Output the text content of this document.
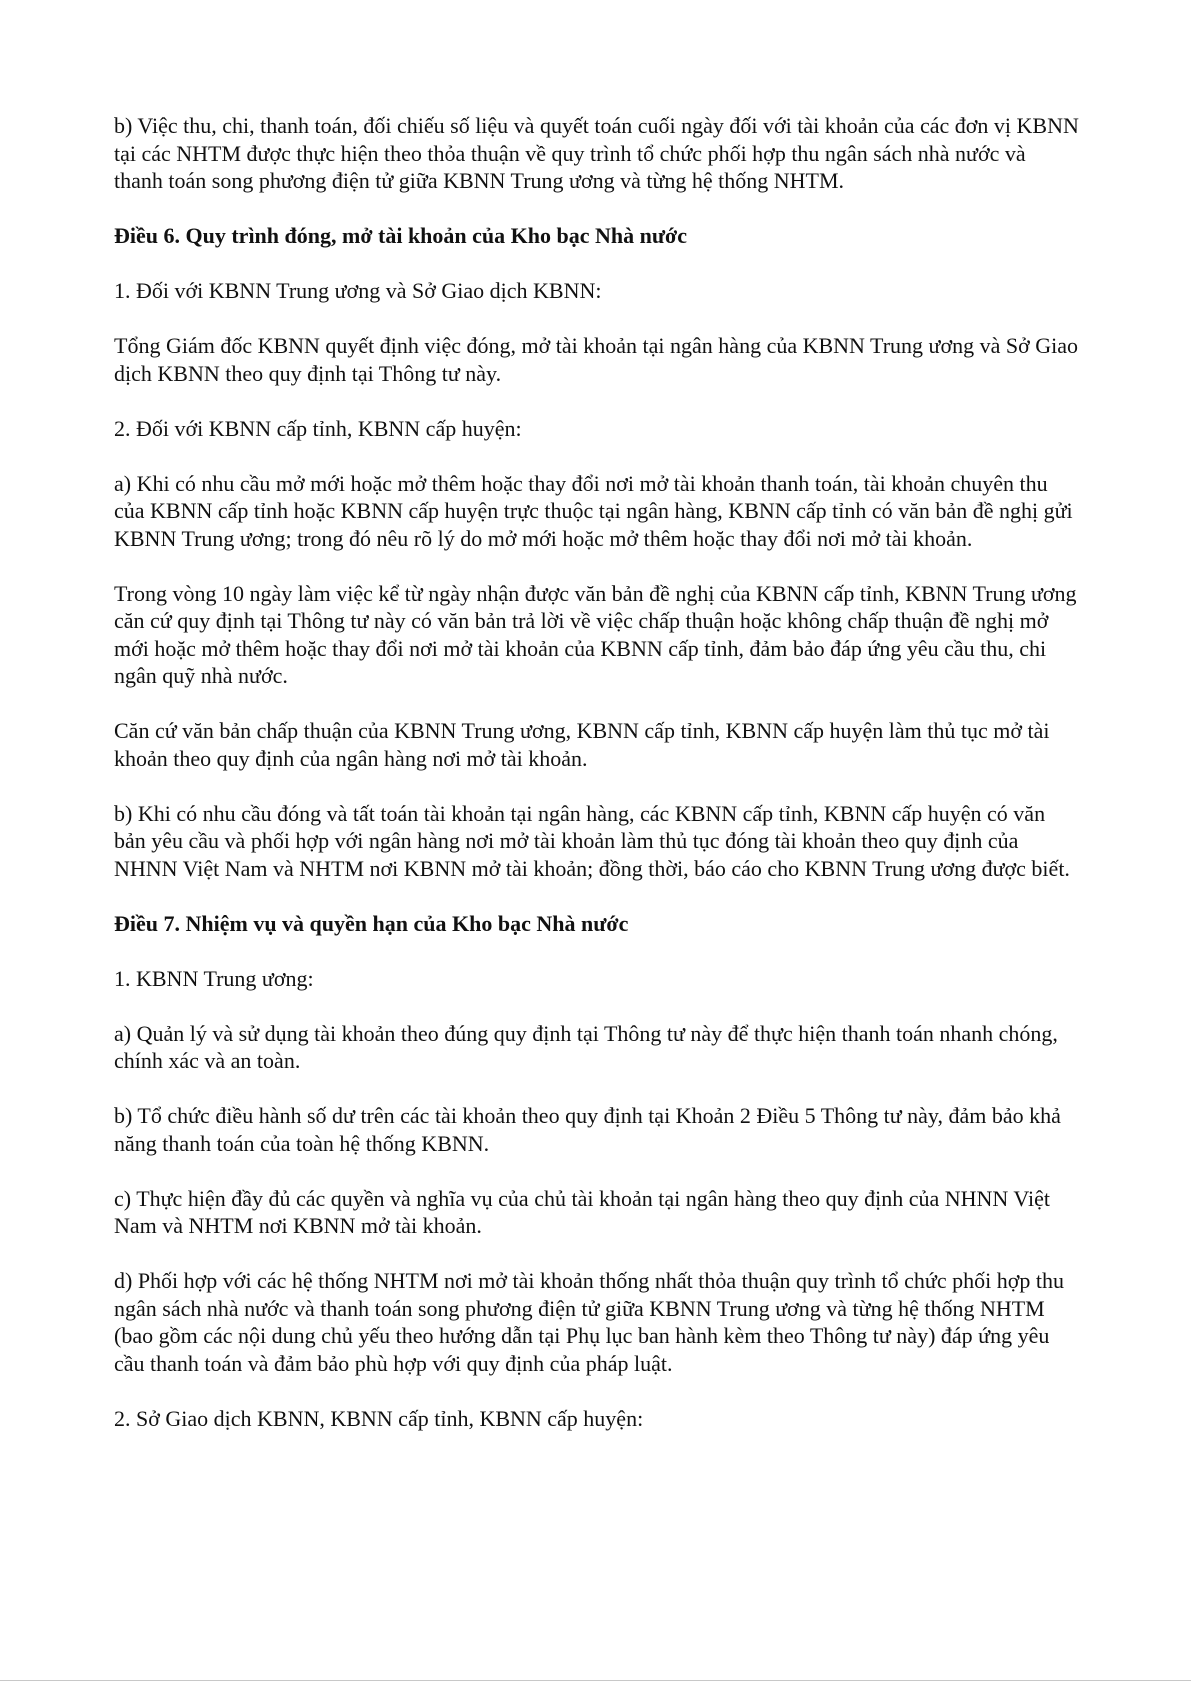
b) Việc thu, chi, thanh toán, đối chiếu số liệu và quyết toán cuối ngày đối với tài khoản của các đơn vị KBNN tại các NHTM được thực hiện theo thỏa thuận về quy trình tổ chức phối hợp thu ngân sách nhà nước và thanh toán song phương điện tử giữa KBNN Trung ương và từng hệ thống NHTM.

Điều 6. Quy trình đóng, mở tài khoản của Kho bạc Nhà nước

1. Đối với KBNN Trung ương và Sở Giao dịch KBNN:

Tổng Giám đốc KBNN quyết định việc đóng, mở tài khoản tại ngân hàng của KBNN Trung ương và Sở Giao dịch KBNN theo quy định tại Thông tư này.

2. Đối với KBNN cấp tỉnh, KBNN cấp huyện:

a) Khi có nhu cầu mở mới hoặc mở thêm hoặc thay đổi nơi mở tài khoản thanh toán, tài khoản chuyên thu của KBNN cấp tỉnh hoặc KBNN cấp huyện trực thuộc tại ngân hàng, KBNN cấp tỉnh có văn bản đề nghị gửi KBNN Trung ương; trong đó nêu rõ lý do mở mới hoặc mở thêm hoặc thay đổi nơi mở tài khoản.

Trong vòng 10 ngày làm việc kể từ ngày nhận được văn bản đề nghị của KBNN cấp tỉnh, KBNN Trung ương căn cứ quy định tại Thông tư này có văn bản trả lời về việc chấp thuận hoặc không chấp thuận đề nghị mở mới hoặc mở thêm hoặc thay đổi nơi mở tài khoản của KBNN cấp tỉnh, đảm bảo đáp ứng yêu cầu thu, chi ngân quỹ nhà nước.

Căn cứ văn bản chấp thuận của KBNN Trung ương, KBNN cấp tỉnh, KBNN cấp huyện làm thủ tục mở tài khoản theo quy định của ngân hàng nơi mở tài khoản.

b) Khi có nhu cầu đóng và tất toán tài khoản tại ngân hàng, các KBNN cấp tỉnh, KBNN cấp huyện có văn bản yêu cầu và phối hợp với ngân hàng nơi mở tài khoản làm thủ tục đóng tài khoản theo quy định của NHNN Việt Nam và NHTM nơi KBNN mở tài khoản; đồng thời, báo cáo cho KBNN Trung ương được biết.

Điều 7. Nhiệm vụ và quyền hạn của Kho bạc Nhà nước

1. KBNN Trung ương:

a) Quản lý và sử dụng tài khoản theo đúng quy định tại Thông tư này để thực hiện thanh toán nhanh chóng, chính xác và an toàn.

b) Tổ chức điều hành số dư trên các tài khoản theo quy định tại Khoản 2 Điều 5 Thông tư này, đảm bảo khả năng thanh toán của toàn hệ thống KBNN.

c) Thực hiện đầy đủ các quyền và nghĩa vụ của chủ tài khoản tại ngân hàng theo quy định của NHNN Việt Nam và NHTM nơi KBNN mở tài khoản.

d) Phối hợp với các hệ thống NHTM nơi mở tài khoản thống nhất thỏa thuận quy trình tổ chức phối hợp thu ngân sách nhà nước và thanh toán song phương điện tử giữa KBNN Trung ương và từng hệ thống NHTM (bao gồm các nội dung chủ yếu theo hướng dẫn tại Phụ lục ban hành kèm theo Thông tư này) đáp ứng yêu cầu thanh toán và đảm bảo phù hợp với quy định của pháp luật.

2. Sở Giao dịch KBNN, KBNN cấp tỉnh, KBNN cấp huyện:
